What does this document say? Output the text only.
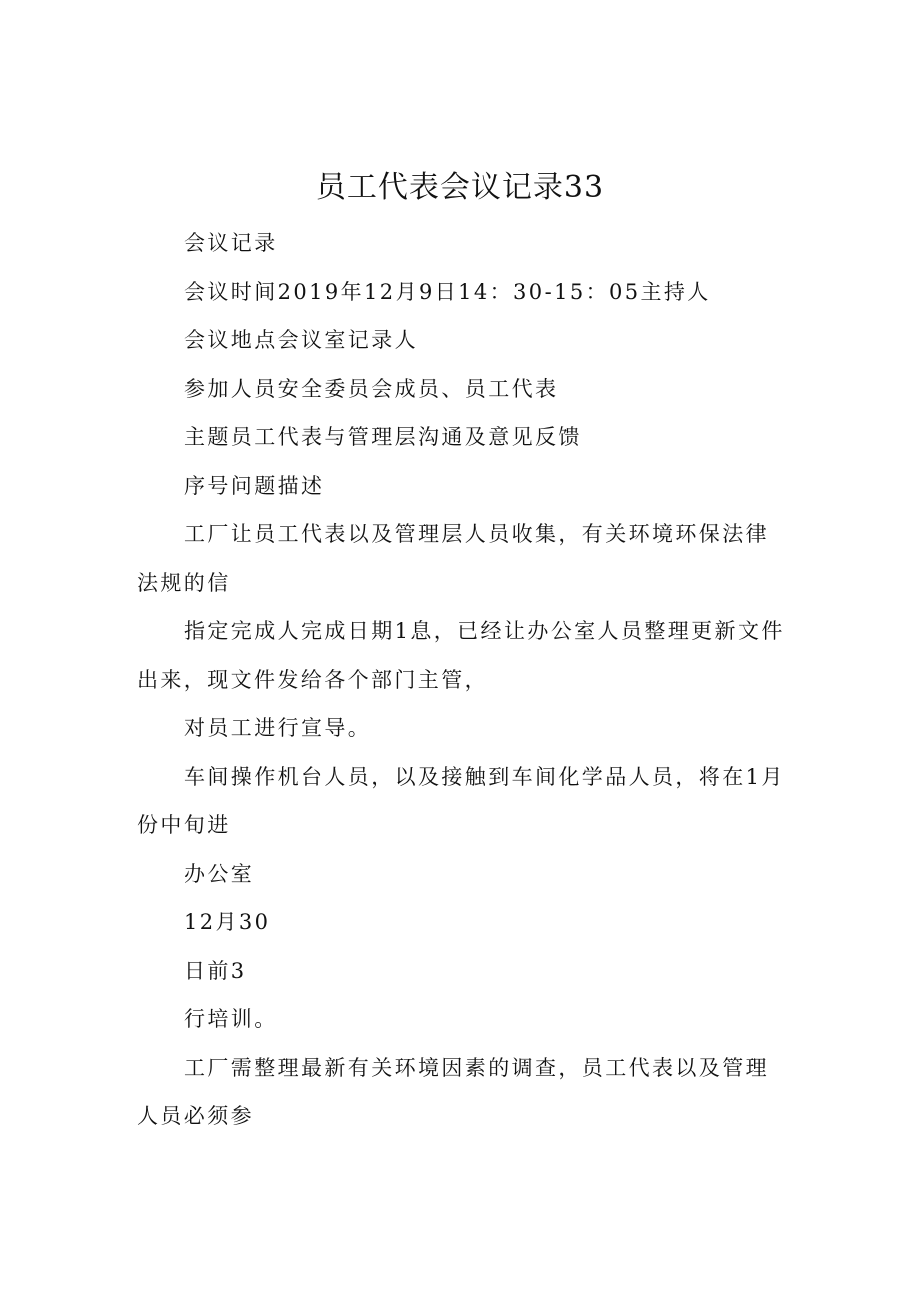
员工代表会议记录33

会议记录

会议时间2019年12月9日14：30-15：05主持人

会议地点会议室记录人

参加人员安全委员会成员、员工代表

主题员工代表与管理层沟通及意见反馈

序号问题描述

工厂让员工代表以及管理层人员收集，有关环境环保法律法规的信

指定完成人完成日期1息，已经让办公室人员整理更新文件出来，现文件发给各个部门主管，

对员工进行宣导。

车间操作机台人员，以及接触到车间化学品人员，将在1月份中旬进

办公室

12月30

日前3

行培训。

工厂需整理最新有关环境因素的调查，员工代表以及管理人员必须参
